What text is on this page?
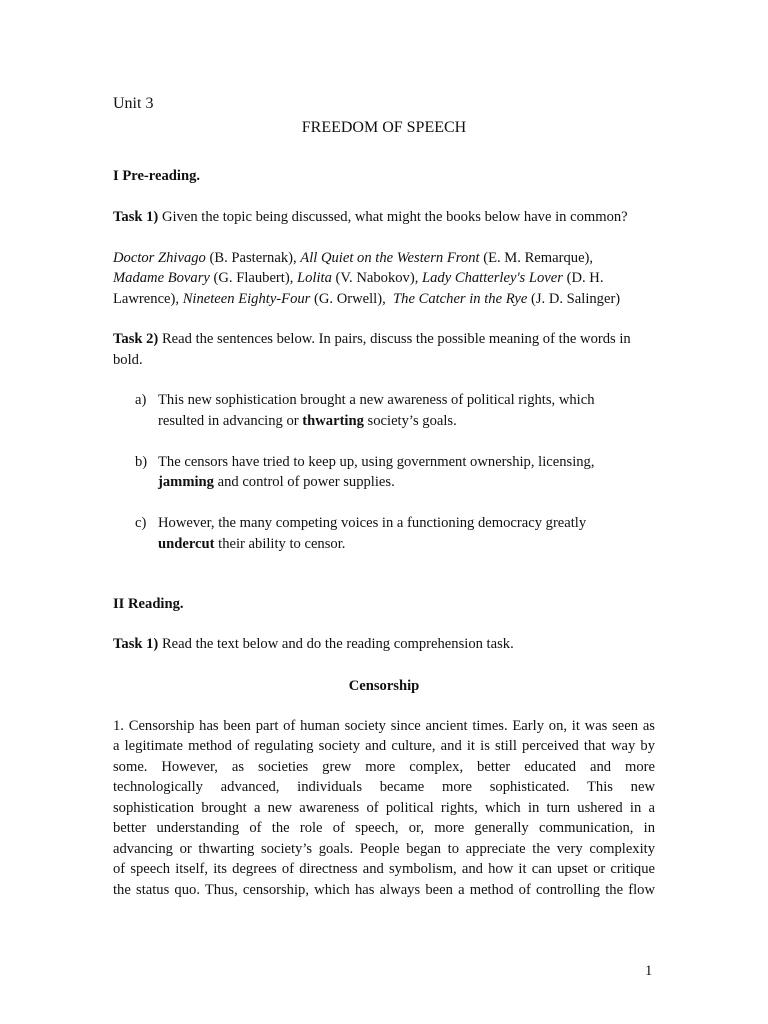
Unit 3

FREEDOM OF SPEECH

I Pre-reading.

Task 1) Given the topic being discussed, what might the books below have in common?

Doctor Zhivago (B. Pasternak), All Quiet on the Western Front (E. M. Remarque),
Madame Bovary (G. Flaubert), Lolita (V. Nabokov), Lady Chatterley's Lover (D. H.
Lawrence), Nineteen Eighty-Four (G. Orwell),  The Catcher in the Rye (J. D. Salinger)

Task 2) Read the sentences below. In pairs, discuss the possible meaning of the words in
bold.

a) This new sophistication brought a new awareness of political rights, which
resulted in advancing or thwarting society’s goals.
b) The censors have tried to keep up, using government ownership, licensing,
jamming and control of power supplies.
c) However, the many competing voices in a functioning democracy greatly
undercut their ability to censor.

II Reading.

Task 1) Read the text below and do the reading comprehension task.

Censorship

1. Censorship has been part of human society since ancient times. Early on, it was seen as
a legitimate method of regulating society and culture, and it is still perceived that way by
some. However, as societies grew more complex, better educated and more
technologically advanced, individuals became more sophisticated. This new
sophistication brought a new awareness of political rights, which in turn ushered in a
better understanding of the role of speech, or, more generally communication, in
advancing or thwarting society’s goals. People began to appreciate the very complexity
of speech itself, its degrees of directness and symbolism, and how it can upset or critique
the status quo. Thus, censorship, which has always been a method of controlling the flow
1
